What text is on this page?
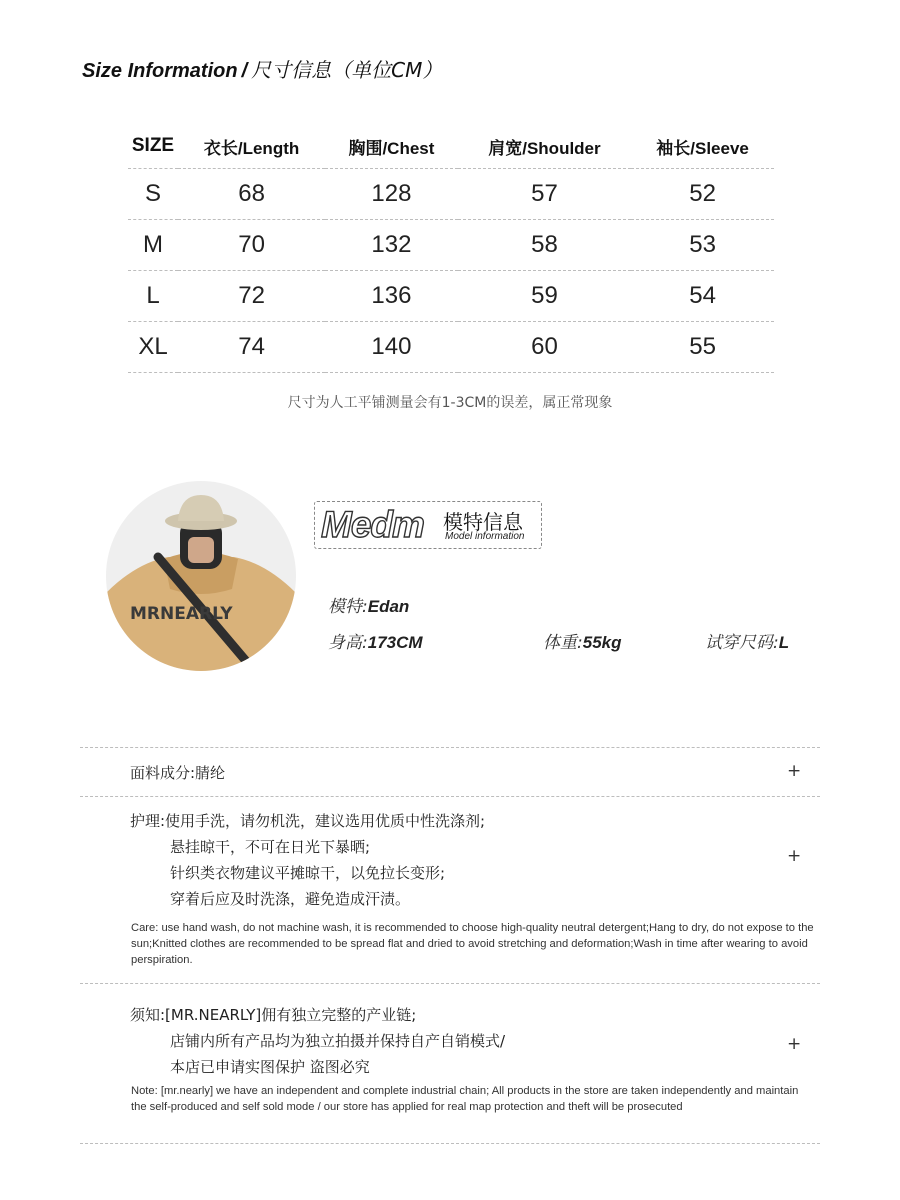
Size Information / 尺寸信息（单位CM）
SIZE	衣长/Length	胸围/Chest	肩宽/Shoulder	袖长/Sleeve
S	68	128	57	52
M	70	132	58	53
L	72	136	59	54
XL	74	140	60	55
尺寸为人工平铺测量会有1-3CM的误差，属正常现象
MRNEARLY
Medm 模特信息
Model information
模特:Edan
身高:173CM	体重:55kg	试穿尺码:L
面料成分:腈纶	+
护理:使用手洗，请勿机洗，建议选用优质中性洗涤剂;
悬挂晾干，不可在日光下暴晒;
针织类衣物建议平摊晾干，以免拉长变形;
穿着后应及时洗涤，避免造成汗渍。
+
Care: use hand wash, do not machine wash, it is recommended to choose high-quality neutral detergent;Hang to dry, do not expose to the sun;Knitted clothes are recommended to be spread flat and dried to avoid stretching and deformation;Wash in time after wearing to avoid perspiration.
须知:[MR.NEARLY]佣有独立完整的产业链;
店铺内所有产品均为独立拍摄并保持自产自销模式/
本店已申请实图保护 盗图必究
+
Note: [mr.nearly] we have an independent and complete industrial chain; All products in the store are taken independently and maintain the self-produced and self sold mode / our store has applied for real map protection and theft will be prosecuted
